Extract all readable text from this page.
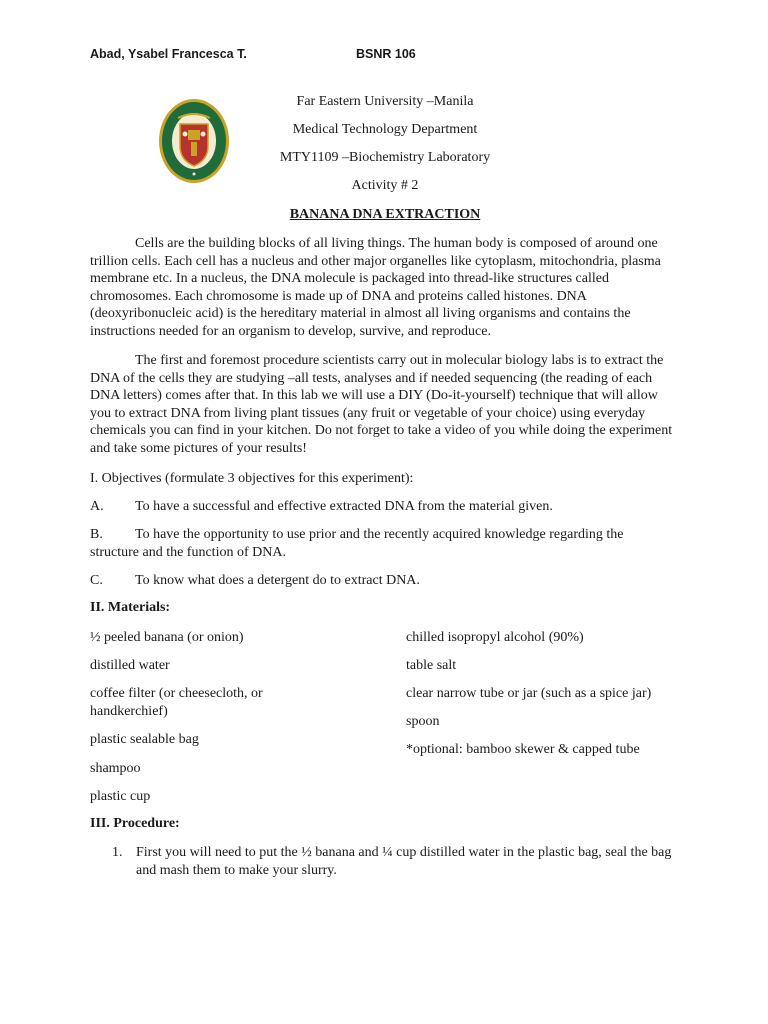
Abad, Ysabel Francesca T.	BSNR 106
Far Eastern University –Manila
Medical Technology Department
MTY1109 –Biochemistry Laboratory
Activity # 2
BANANA DNA EXTRACTION

Cells are the building blocks of all living things. The human body is composed of around one trillion cells. Each cell has a nucleus and other major organelles like cytoplasm, mitochondria, plasma membrane etc. In a nucleus, the DNA molecule is packaged into thread-like structures called chromosomes. Each chromosome is made up of DNA and proteins called histones. DNA (deoxyribonucleic acid) is the hereditary material in almost all living organisms and contains the instructions needed for an organism to develop, survive, and reproduce.

The first and foremost procedure scientists carry out in molecular biology labs is to extract the DNA of the cells they are studying –all tests, analyses and if needed sequencing (the reading of each DNA letters) comes after that. In this lab we will use a DIY (Do-it-yourself) technique that will allow you to extract DNA from living plant tissues (any fruit or vegetable of your choice) using everyday chemicals you can find in your kitchen. Do not forget to take a video of you while doing the experiment and take some pictures of your results!

I. Objectives (formulate 3 objectives for this experiment):
A. To have a successful and effective extracted DNA from the material given.
B. To have the opportunity to use prior and the recently acquired knowledge regarding the structure and the function of DNA.
C. To know what does a detergent do to extract DNA.
II. Materials:
½ peeled banana (or onion)
distilled water
coffee filter (or cheesecloth, or handkerchief)
plastic sealable bag
shampoo
plastic cup
chilled isopropyl alcohol (90%)
table salt
clear narrow tube or jar (such as a spice jar)
spoon
*optional: bamboo skewer & capped tube
III. Procedure:
1. First you will need to put the ½ banana and ¼ cup distilled water in the plastic bag, seal the bag and mash them to make your slurry.
